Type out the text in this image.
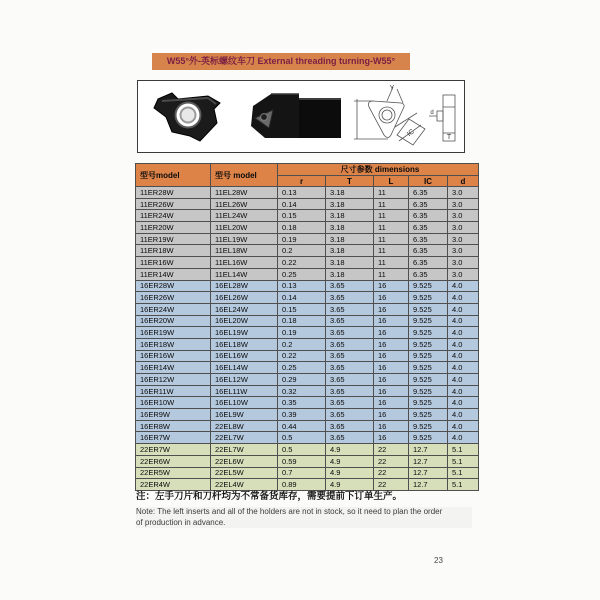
W55°外-英标螺纹车刀 External threading turning-W55°
Y
IC
d
T
型号model	型号 model	尺寸参数 dimensions				
		r	T	L	IC	d
11ER28W	11EL28W	0.13	3.18	11	6.35	3.0
11ER26W	11EL26W	0.14	3.18	11	6.35	3.0
11ER24W	11EL24W	0.15	3.18	11	6.35	3.0
11ER20W	11EL20W	0.18	3.18	11	6.35	3.0
11ER19W	11EL19W	0.19	3.18	11	6.35	3.0
11ER18W	11EL18W	0.2	3.18	11	6.35	3.0
11ER16W	11EL16W	0.22	3.18	11	6.35	3.0
11ER14W	11EL14W	0.25	3.18	11	6.35	3.0
16ER28W	16EL28W	0.13	3.65	16	9.525	4.0
16ER26W	16EL26W	0.14	3.65	16	9.525	4.0
16ER24W	16EL24W	0.15	3.65	16	9.525	4.0
16ER20W	16EL20W	0.18	3.65	16	9.525	4.0
16ER19W	16EL19W	0.19	3.65	16	9.525	4.0
16ER18W	16EL18W	0.2	3.65	16	9.525	4.0
16ER16W	16EL16W	0.22	3.65	16	9.525	4.0
16ER14W	16EL14W	0.25	3.65	16	9.525	4.0
16ER12W	16EL12W	0.29	3.65	16	9.525	4.0
16ER11W	16EL11W	0.32	3.65	16	9.525	4.0
16ER10W	16EL10W	0.35	3.65	16	9.525	4.0
16ER9W	16EL9W	0.39	3.65	16	9.525	4.0
16ER8W	22EL8W	0.44	3.65	16	9.525	4.0
16ER7W	22EL7W	0.5	3.65	16	9.525	4.0
22ER7W	22EL7W	0.5	4.9	22	12.7	5.1
22ER6W	22EL6W	0.59	4.9	22	12.7	5.1
22ER5W	22EL5W	0.7	4.9	22	12.7	5.1
22ER4W	22EL4W	0.89	4.9	22	12.7	5.1
注：左手刀片和刀杆均为不常备货库存，需要提前下订单生产。
Note: The left inserts and all of the holders are not in stock, so it need to plan the order
of production in advance.
23
